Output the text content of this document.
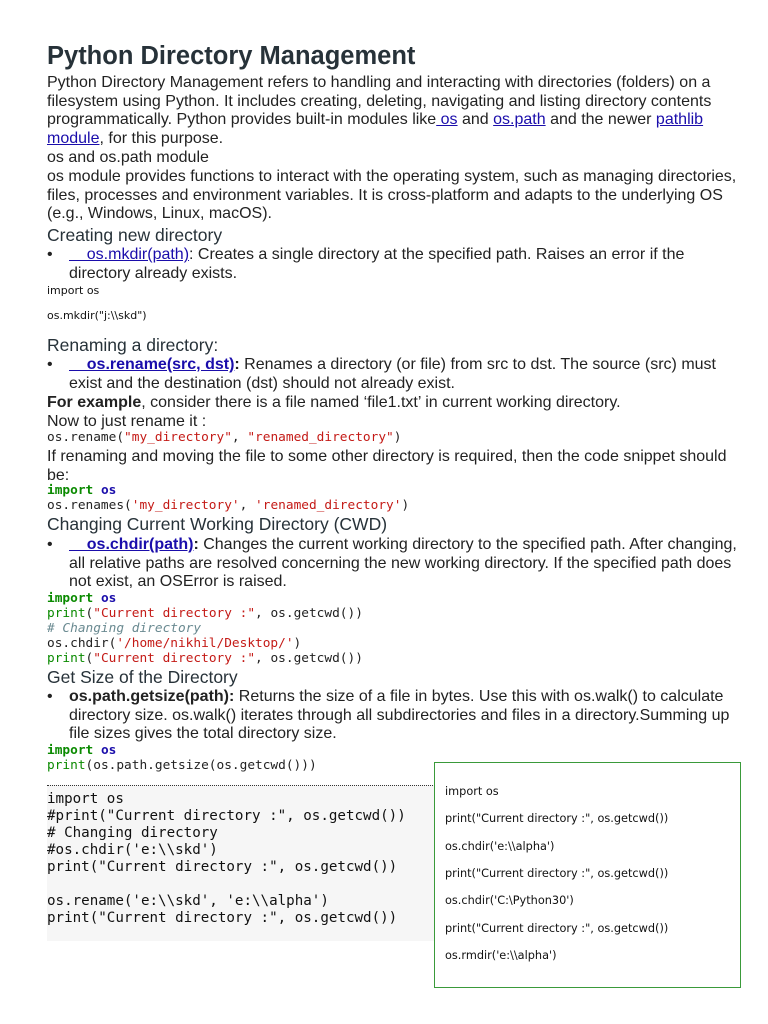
Python Directory Management
Python Directory Management refers to handling and interacting with directories (folders) on a filesystem using Python. It includes creating, deleting, navigating and listing directory contents programmatically. Python provides built-in modules like os and os.path and the newer pathlib module, for this purpose.
os and os.path module
os module provides functions to interact with the operating system, such as managing directories, files, processes and environment variables. It is cross-platform and adapts to the underlying OS (e.g., Windows, Linux, macOS).
Creating new directory
•	os.mkdir(path): Creates a single directory at the specified path. Raises an error if the directory already exists.
import os
os.mkdir("j:\\skd")
Renaming a directory:
•	os.rename(src, dst): Renames a directory (or file) from src to dst. The source (src) must exist and the destination (dst) should not already exist.
For example, consider there is a file named ‘file1.txt’ in current working directory.
Now to just rename it :
os.rename("my_directory", "renamed_directory")
If renaming and moving the file to some other directory is required, then the code snippet should be:
import os
os.renames('my_directory', 'renamed_directory')
Changing Current Working Directory (CWD)
•	os.chdir(path): Changes the current working directory to the specified path. After changing, all relative paths are resolved concerning the new working directory. If the specified path does not exist, an OSError is raised.
import os
print("Current directory :", os.getcwd())
# Changing directory
os.chdir('/home/nikhil/Desktop/')
print("Current directory :", os.getcwd())
Get Size of the Directory
•	os.path.getsize(path): Returns the size of a file in bytes. Use this with os.walk() to calculate directory size. os.walk() iterates through all subdirectories and files in a directory.Summing up file sizes gives the total directory size.
import os
print(os.path.getsize(os.getcwd()))
import os
#print("Current directory :", os.getcwd())
# Changing directory
#os.chdir('e:\\skd')
print("Current directory :", os.getcwd())
os.rename('e:\\skd', 'e:\\alpha')
print("Current directory :", os.getcwd())
import os
print("Current directory :", os.getcwd())
os.chdir('e:\\alpha')
print("Current directory :", os.getcwd())
os.chdir('C:\Python30')
print("Current directory :", os.getcwd())
os.rmdir('e:\\alpha')
